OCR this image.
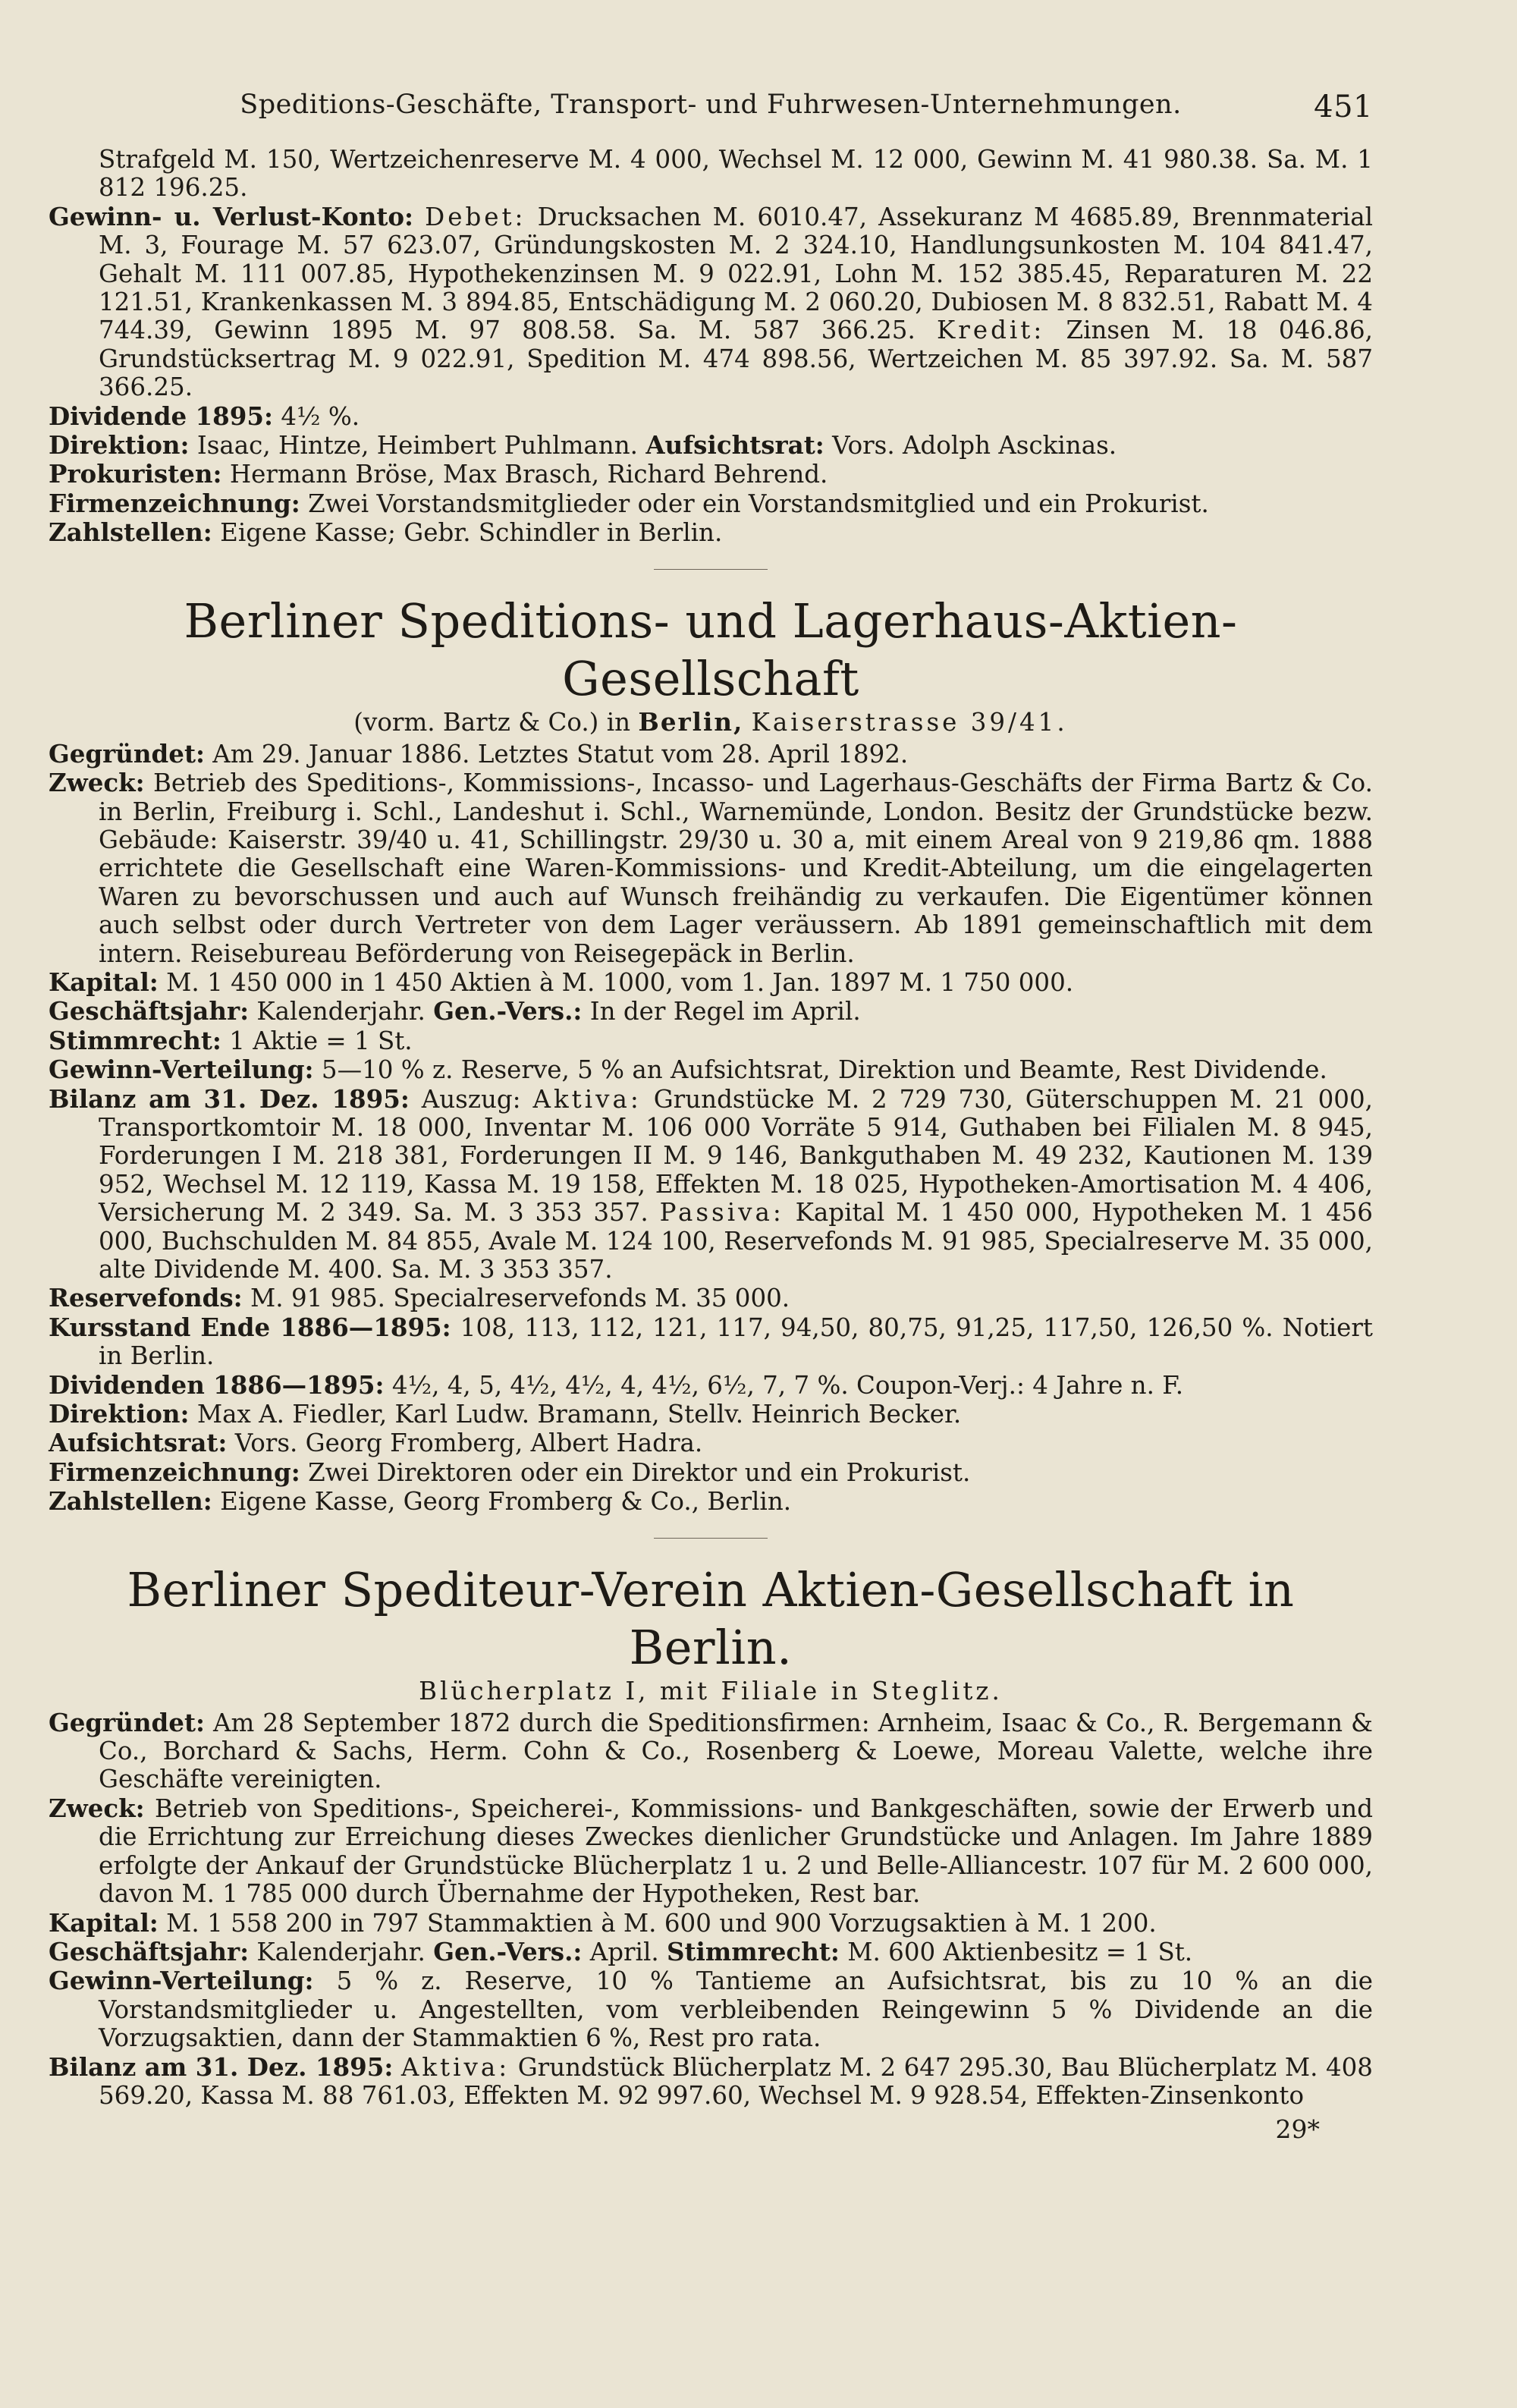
Speditions-Geschäfte, Transport- und Fuhrwesen-Unternehmungen.	451

Strafgeld M. 150, Wertzeichenreserve M. 4 000, Wechsel M. 12 000, Gewinn M. 41 980.38. Sa. M. 1 812 196.25.

Gewinn- u. Verlust-Konto: Debet: Drucksachen M. 6010.47, Assekuranz M 4685.89, Brennmaterial M. 3, Fourage M. 57 623.07, Gründungskosten M. 2 324.10, Handlungsunkosten M. 104 841.47, Gehalt M. 111 007.85, Hypothekenzinsen M. 9 022.91, Lohn M. 152 385.45, Reparaturen M. 22 121.51, Krankenkassen M. 3 894.85, Entschädigung M. 2 060.20, Dubiosen M. 8 832.51, Rabatt M. 4 744.39, Gewinn 1895 M. 97 808.58. Sa. M. 587 366.25. Kredit: Zinsen M. 18 046.86, Grundstücksertrag M. 9 022.91, Spedition M. 474 898.56, Wertzeichen M. 85 397.92. Sa. M. 587 366.25.

Dividende 1895: 4½ %.

Direktion: Isaac, Hintze, Heimbert Puhlmann. Aufsichtsrat: Vors. Adolph Asckinas.

Prokuristen: Hermann Bröse, Max Brasch, Richard Behrend.

Firmenzeichnung: Zwei Vorstandsmitglieder oder ein Vorstandsmitglied und ein Prokurist.

Zahlstellen: Eigene Kasse; Gebr. Schindler in Berlin.

Berliner Speditions- und Lagerhaus-Aktien-Gesellschaft
(vorm. Bartz & Co.) in Berlin, Kaiserstrasse 39/41.

Gegründet: Am 29. Januar 1886. Letztes Statut vom 28. April 1892.

Zweck: Betrieb des Speditions-, Kommissions-, Incasso- und Lagerhaus-Geschäfts der Firma Bartz & Co. in Berlin, Freiburg i. Schl., Landeshut i. Schl., Warnemünde, London. Besitz der Grundstücke bezw. Gebäude: Kaiserstr. 39/40 u. 41, Schillingstr. 29/30 u. 30 a, mit einem Areal von 9 219,86 qm. 1888 errichtete die Gesellschaft eine Waren-Kommissions- und Kredit-Abteilung, um die eingelagerten Waren zu bevorschussen und auch auf Wunsch freihändig zu verkaufen. Die Eigentümer können auch selbst oder durch Vertreter von dem Lager veräussern. Ab 1891 gemeinschaftlich mit dem intern. Reisebureau Beförderung von Reisegepäck in Berlin.

Kapital: M. 1 450 000 in 1 450 Aktien à M. 1000, vom 1. Jan. 1897 M. 1 750 000.

Geschäftsjahr: Kalenderjahr. Gen.-Vers.: In der Regel im April.

Stimmrecht: 1 Aktie = 1 St.

Gewinn-Verteilung: 5—10 % z. Reserve, 5 % an Aufsichtsrat, Direktion und Beamte, Rest Dividende.

Bilanz am 31. Dez. 1895: Auszug: Aktiva: Grundstücke M. 2 729 730, Güterschuppen M. 21 000, Transportkomtoir M. 18 000, Inventar M. 106 000 Vorräte 5 914, Guthaben bei Filialen M. 8 945, Forderungen I M. 218 381, Forderungen II M. 9 146, Bankguthaben M. 49 232, Kautionen M. 139 952, Wechsel M. 12 119, Kassa M. 19 158, Effekten M. 18 025, Hypotheken-Amortisation M. 4 406, Versicherung M. 2 349. Sa. M. 3 353 357. Passiva: Kapital M. 1 450 000, Hypotheken M. 1 456 000, Buchschulden M. 84 855, Avale M. 124 100, Reservefonds M. 91 985, Specialreserve M. 35 000, alte Dividende M. 400. Sa. M. 3 353 357.

Reservefonds: M. 91 985. Specialreservefonds M. 35 000.

Kursstand Ende 1886—1895: 108, 113, 112, 121, 117, 94,50, 80,75, 91,25, 117,50, 126,50 %. Notiert in Berlin.

Dividenden 1886—1895: 4½, 4, 5, 4½, 4½, 4, 4½, 6½, 7, 7 %. Coupon-Verj.: 4 Jahre n. F.

Direktion: Max A. Fiedler, Karl Ludw. Bramann, Stellv. Heinrich Becker.

Aufsichtsrat: Vors. Georg Fromberg, Albert Hadra.

Firmenzeichnung: Zwei Direktoren oder ein Direktor und ein Prokurist.

Zahlstellen: Eigene Kasse, Georg Fromberg & Co., Berlin.

Berliner Spediteur-Verein Aktien-Gesellschaft in Berlin.
Blücherplatz I, mit Filiale in Steglitz.

Gegründet: Am 28 September 1872 durch die Speditionsfirmen: Arnheim, Isaac & Co., R. Bergemann & Co., Borchard & Sachs, Herm. Cohn & Co., Rosenberg & Loewe, Moreau Valette, welche ihre Geschäfte vereinigten.

Zweck: Betrieb von Speditions-, Speicherei-, Kommissions- und Bankgeschäften, sowie der Erwerb und die Errichtung zur Erreichung dieses Zweckes dienlicher Grundstücke und Anlagen. Im Jahre 1889 erfolgte der Ankauf der Grundstücke Blücherplatz 1 u. 2 und Belle-Alliancestr. 107 für M. 2 600 000, davon M. 1 785 000 durch Übernahme der Hypotheken, Rest bar.

Kapital: M. 1 558 200 in 797 Stammaktien à M. 600 und 900 Vorzugsaktien à M. 1 200.

Geschäftsjahr: Kalenderjahr. Gen.-Vers.: April. Stimmrecht: M. 600 Aktienbesitz = 1 St.

Gewinn-Verteilung: 5 % z. Reserve, 10 % Tantieme an Aufsichtsrat, bis zu 10 % an die Vorstandsmitglieder u. Angestellten, vom verbleibenden Reingewinn 5 % Dividende an die Vorzugsaktien, dann der Stammaktien 6 %, Rest pro rata.

Bilanz am 31. Dez. 1895: Aktiva: Grundstück Blücherplatz M. 2 647 295.30, Bau Blücherplatz M. 408 569.20, Kassa M. 88 761.03, Effekten M. 92 997.60, Wechsel M. 9 928.54, Effekten-Zinsenkonto

29*
